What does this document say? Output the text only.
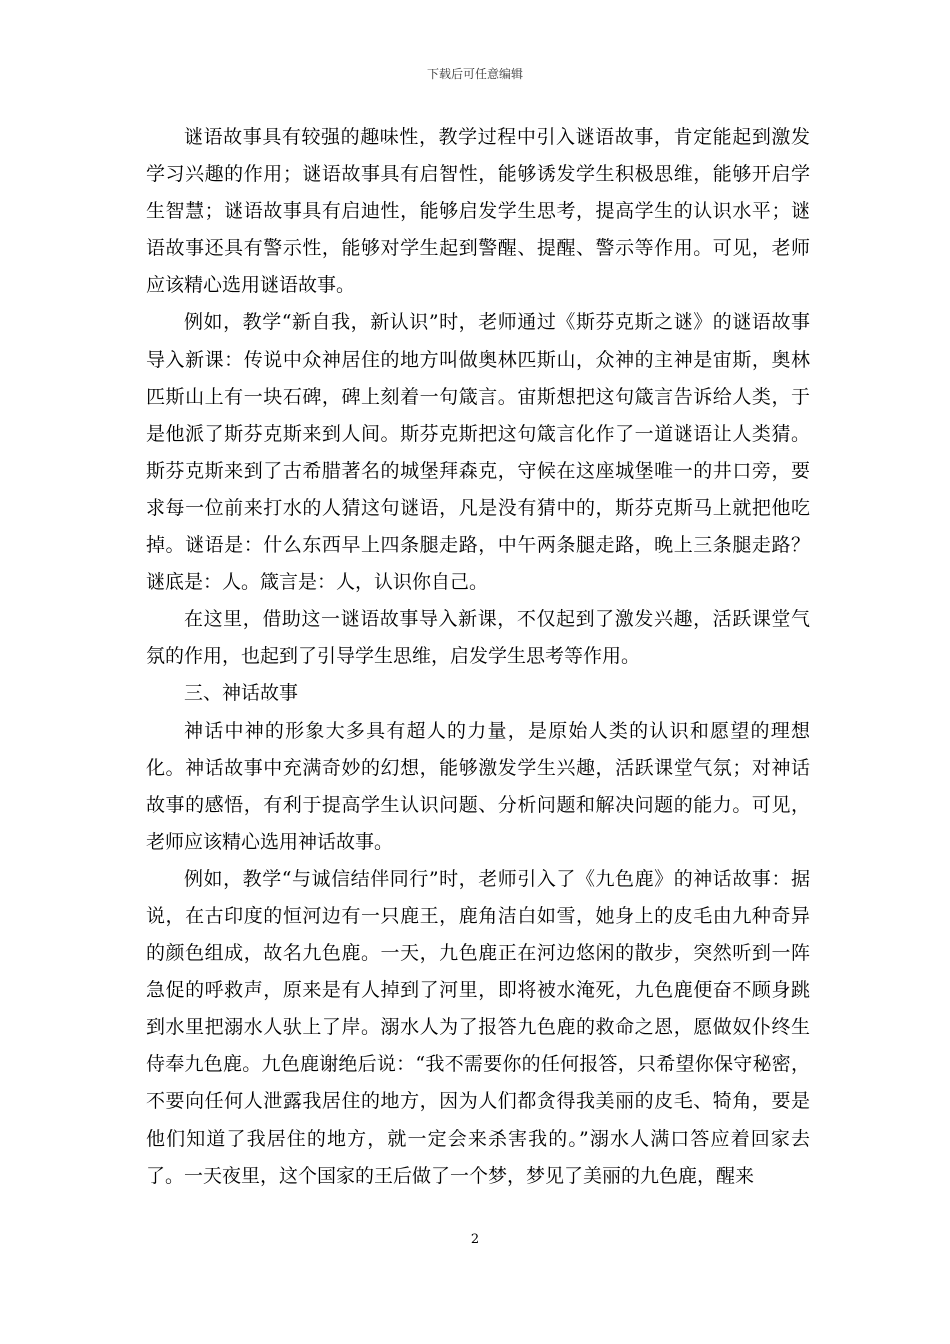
下载后可任意编辑

谜语故事具有较强的趣味性，教学过程中引入谜语故事，肯定能起到激发学习兴趣的作用；谜语故事具有启智性，能够诱发学生积极思维，能够开启学生智慧；谜语故事具有启迪性，能够启发学生思考，提高学生的认识水平；谜语故事还具有警示性，能够对学生起到警醒、提醒、警示等作用。可见，老师应该精心选用谜语故事。

例如，教学“新自我，新认识”时，老师通过《斯芬克斯之谜》的谜语故事导入新课：传说中众神居住的地方叫做奥林匹斯山，众神的主神是宙斯，奥林匹斯山上有一块石碑，碑上刻着一句箴言。宙斯想把这句箴言告诉给人类，于是他派了斯芬克斯来到人间。斯芬克斯把这句箴言化作了一道谜语让人类猜。斯芬克斯来到了古希腊著名的城堡拜森克，守候在这座城堡唯一的井口旁，要求每一位前来打水的人猜这句谜语，凡是没有猜中的，斯芬克斯马上就把他吃掉。谜语是：什么东西早上四条腿走路，中午两条腿走路，晚上三条腿走路？谜底是：人。箴言是：人，认识你自己。

在这里，借助这一谜语故事导入新课，不仅起到了激发兴趣，活跃课堂气氛的作用，也起到了引导学生思维，启发学生思考等作用。

三、神话故事

神话中神的形象大多具有超人的力量，是原始人类的认识和愿望的理想化。神话故事中充满奇妙的幻想，能够激发学生兴趣，活跃课堂气氛；对神话故事的感悟，有利于提高学生认识问题、分析问题和解决问题的能力。可见，老师应该精心选用神话故事。

例如，教学“与诚信结伴同行”时，老师引入了《九色鹿》的神话故事：据说，在古印度的恒河边有一只鹿王，鹿角洁白如雪，她身上的皮毛由九种奇异的颜色组成，故名九色鹿。一天，九色鹿正在河边悠闲的散步，突然听到一阵急促的呼救声，原来是有人掉到了河里，即将被水淹死，九色鹿便奋不顾身跳到水里把溺水人驮上了岸。溺水人为了报答九色鹿的救命之恩，愿做奴仆终生侍奉九色鹿。九色鹿谢绝后说：“我不需要你的任何报答，只希望你保守秘密，不要向任何人泄露我居住的地方，因为人们都贪得我美丽的皮毛、犄角，要是他们知道了我居住的地方，就一定会来杀害我的。”溺水人满口答应着回家去了。一天夜里，这个国家的王后做了一个梦，梦见了美丽的九色鹿，醒来

2
